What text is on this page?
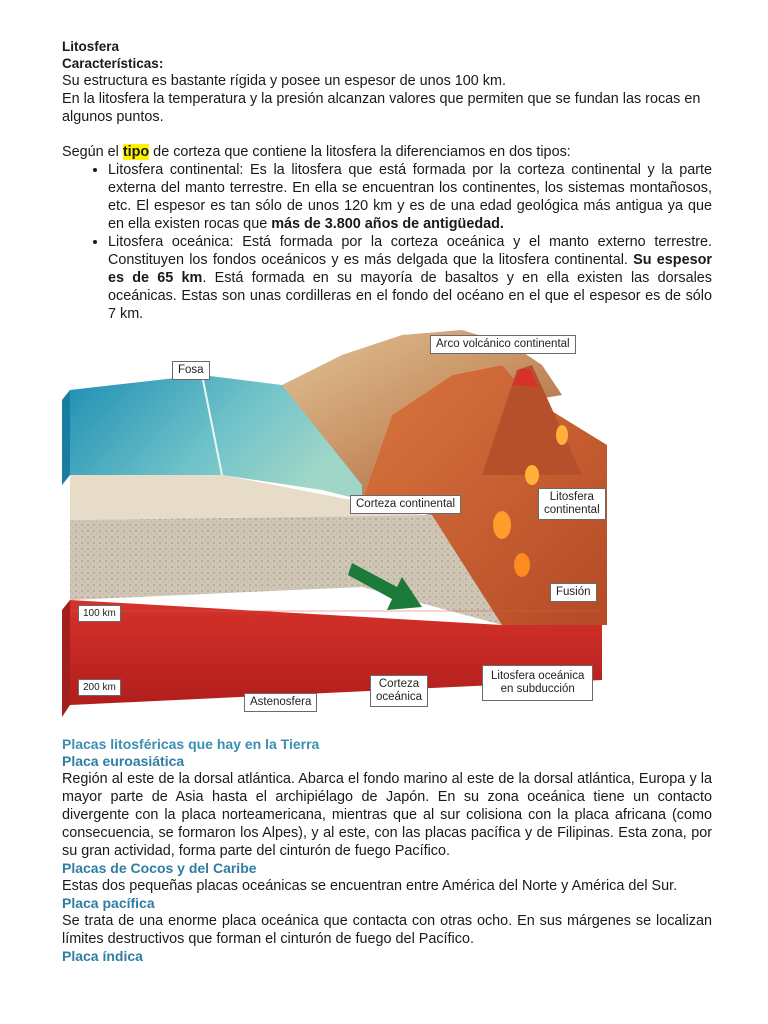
Litosfera
Características:

Su estructura es bastante rígida y posee un espesor de unos 100 km.

En la litosfera la temperatura y la presión alcanzan valores que permiten que se fundan las rocas en algunos puntos.

Según el tipo de corteza que contiene la litosfera la diferenciamos en dos tipos:

• Litosfera continental: Es la litosfera que está formada por la corteza continental y la parte externa del manto terrestre. En ella se encuentran los continentes, los sistemas montañosos, etc. El espesor es tan sólo de unos 120 km y es de una edad geológica más antigua ya que en ella existen rocas que más de 3.800 años de antigüedad.
• Litosfera oceánica: Está formada por la corteza oceánica y el manto externo terrestre. Constituyen los fondos oceánicos y es más delgada que la litosfera continental. Su espesor es de 65 km. Está formada en su mayoría de basaltos y en ella existen las dorsales oceánicas. Estas son unas cordilleras en el fondo del océano en el que el espesor es de sólo 7 km.
Fosa
Arco volcánico continental
Corteza continental
Litosfera
continental
Fusión
100 km
200 km
Astenosfera
Corteza
oceánica
Litosfera oceánica
en subducción
Placas litosféricas que hay en la Tierra
Placa euroasiática

Región al este de la dorsal atlántica. Abarca el fondo marino al este de la dorsal atlántica, Europa y la mayor parte de Asia hasta el archipiélago de Japón. En su zona oceánica tiene un contacto divergente con la placa norteamericana, mientras que al sur colisiona con la placa africana (como consecuencia, se formaron los Alpes), y al este, con las placas pacífica y de Filipinas. Esta zona, por su gran actividad, forma parte del cinturón de fuego Pacífico.

Placas de Cocos y del Caribe

Estas dos pequeñas placas oceánicas se encuentran entre América del Norte y América del Sur.

Placa pacífica

Se trata de una enorme placa oceánica que contacta con otras ocho. En sus márgenes se localizan límites destructivos que forman el cinturón de fuego del Pacífico.

Placa índica
